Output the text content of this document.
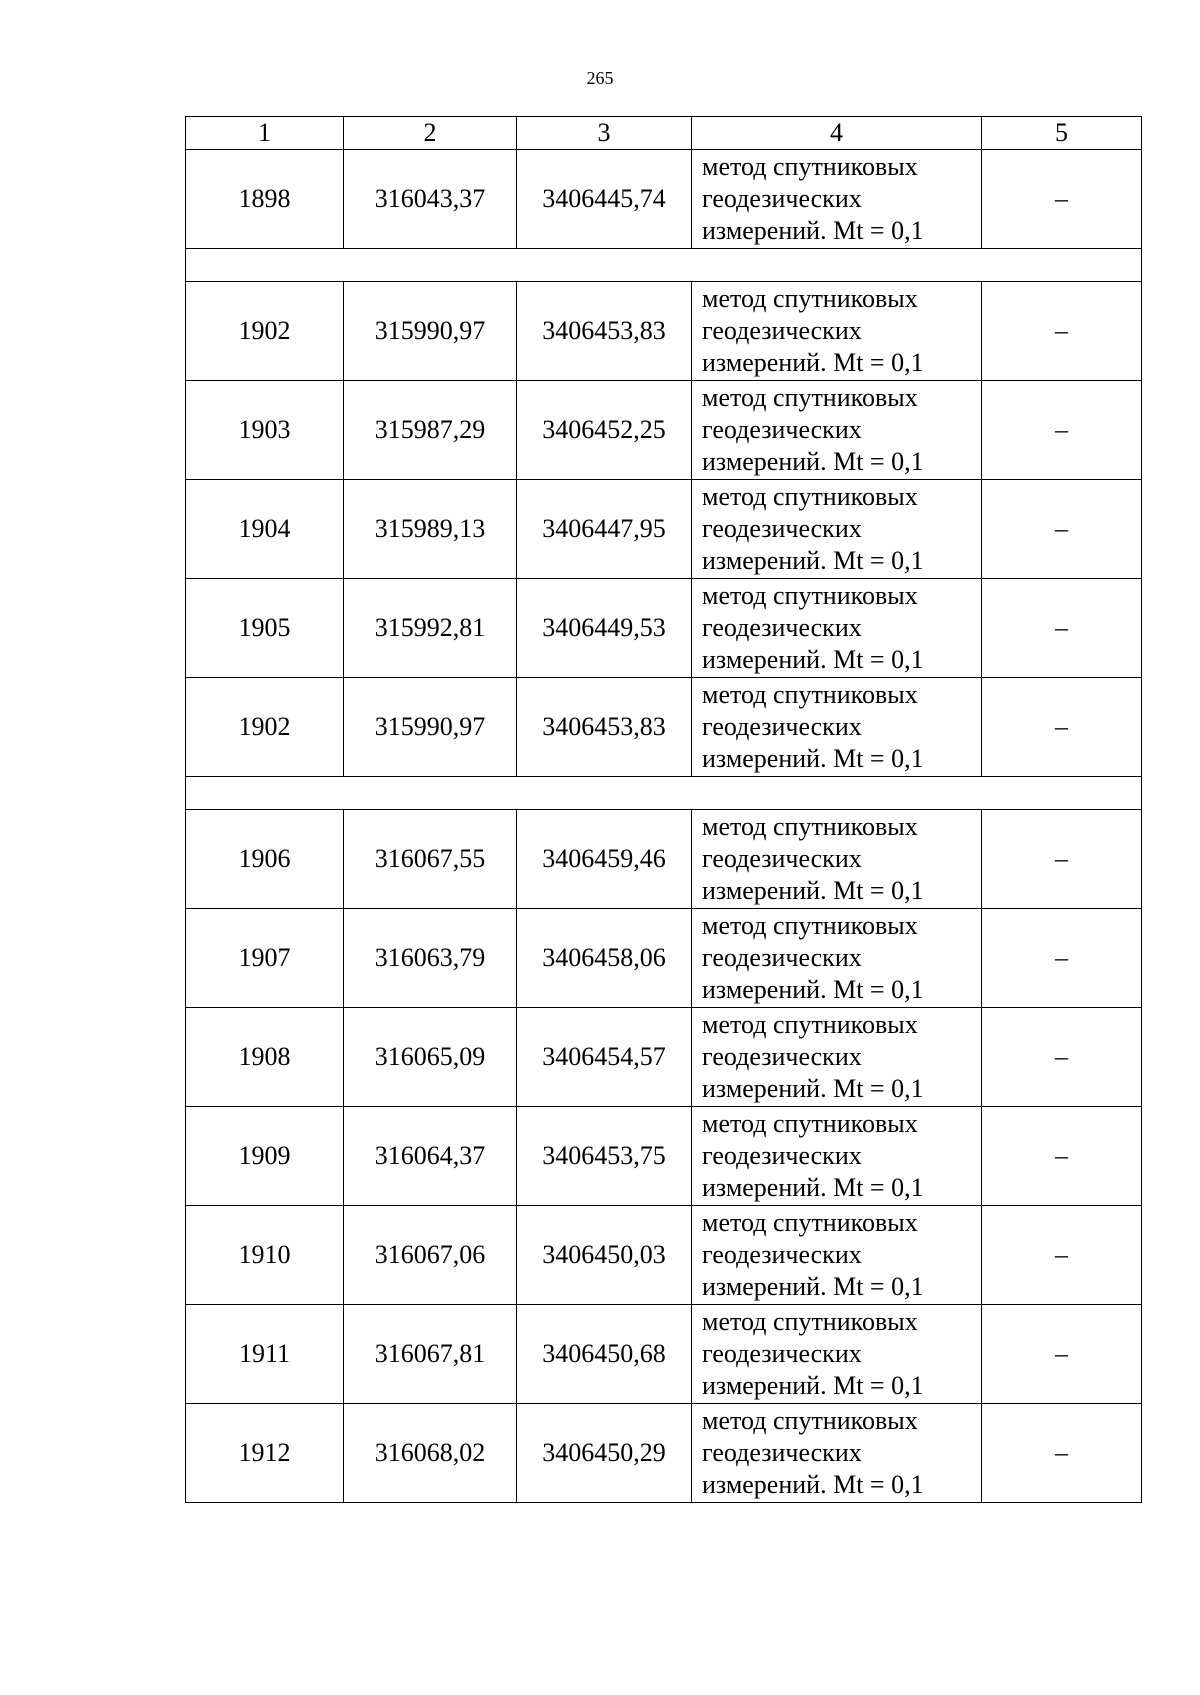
265
1	2	3	4	5
1898	316043,37	3406445,74	метод спутниковых
геодезических
измерений. Mt = 0,1	–

1902	315990,97	3406453,83	метод спутниковых
геодезических
измерений. Mt = 0,1	–
1903	315987,29	3406452,25	метод спутниковых
геодезических
измерений. Mt = 0,1	–
1904	315989,13	3406447,95	метод спутниковых
геодезических
измерений. Mt = 0,1	–
1905	315992,81	3406449,53	метод спутниковых
геодезических
измерений. Mt = 0,1	–
1902	315990,97	3406453,83	метод спутниковых
геодезических
измерений. Mt = 0,1	–

1906	316067,55	3406459,46	метод спутниковых
геодезических
измерений. Mt = 0,1	–
1907	316063,79	3406458,06	метод спутниковых
геодезических
измерений. Mt = 0,1	–
1908	316065,09	3406454,57	метод спутниковых
геодезических
измерений. Mt = 0,1	–
1909	316064,37	3406453,75	метод спутниковых
геодезических
измерений. Mt = 0,1	–
1910	316067,06	3406450,03	метод спутниковых
геодезических
измерений. Mt = 0,1	–
1911	316067,81	3406450,68	метод спутниковых
геодезических
измерений. Mt = 0,1	–
1912	316068,02	3406450,29	метод спутниковых
геодезических
измерений. Mt = 0,1	–
